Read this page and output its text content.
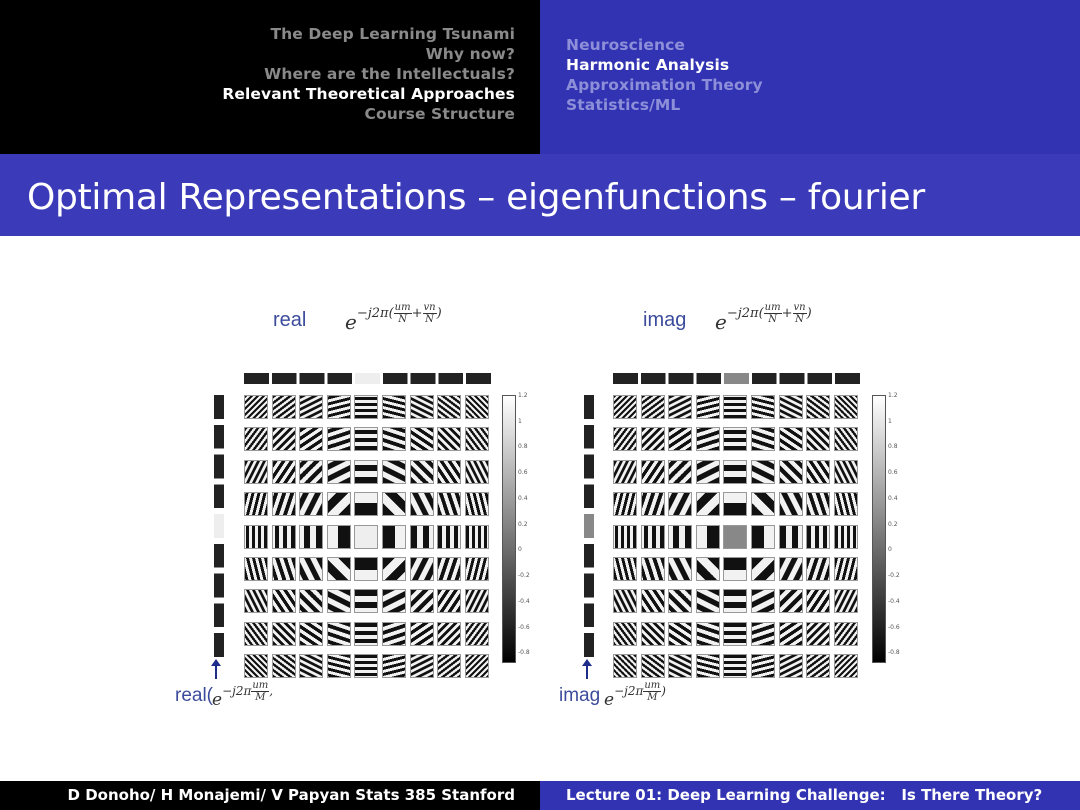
The Deep Learning Tsunami
Why now?
Where are the Intellectuals?
Relevant Theoretical Approaches
Course Structure
Neuroscience
Harmonic Analysis
Approximation Theory
Statistics/ML
Optimal Representations – eigenfunctions – fourier
real $e^{-j2\pi( \frac{um}{N} + \frac{vn}{N} )}$
1.2
1
0.8
0.6
0.4
0.2
0
-0.2
-0.4
-0.6
-0.8
real(
$e^{-j2\pi \frac{um}{M} ,}$
imag $e^{-j2\pi( \frac{um}{N} + \frac{vn}{N} )}$
1.2
1
0.8
0.6
0.4
0.2
0
-0.2
-0.4
-0.6
-0.8
imag $e^{-j2\pi \frac{um}{M} )}$
D Donoho/ H Monajemi/ V Papyan Stats 385 Stanford	Lecture 01: Deep Learning Challenge:   Is There Theory?
